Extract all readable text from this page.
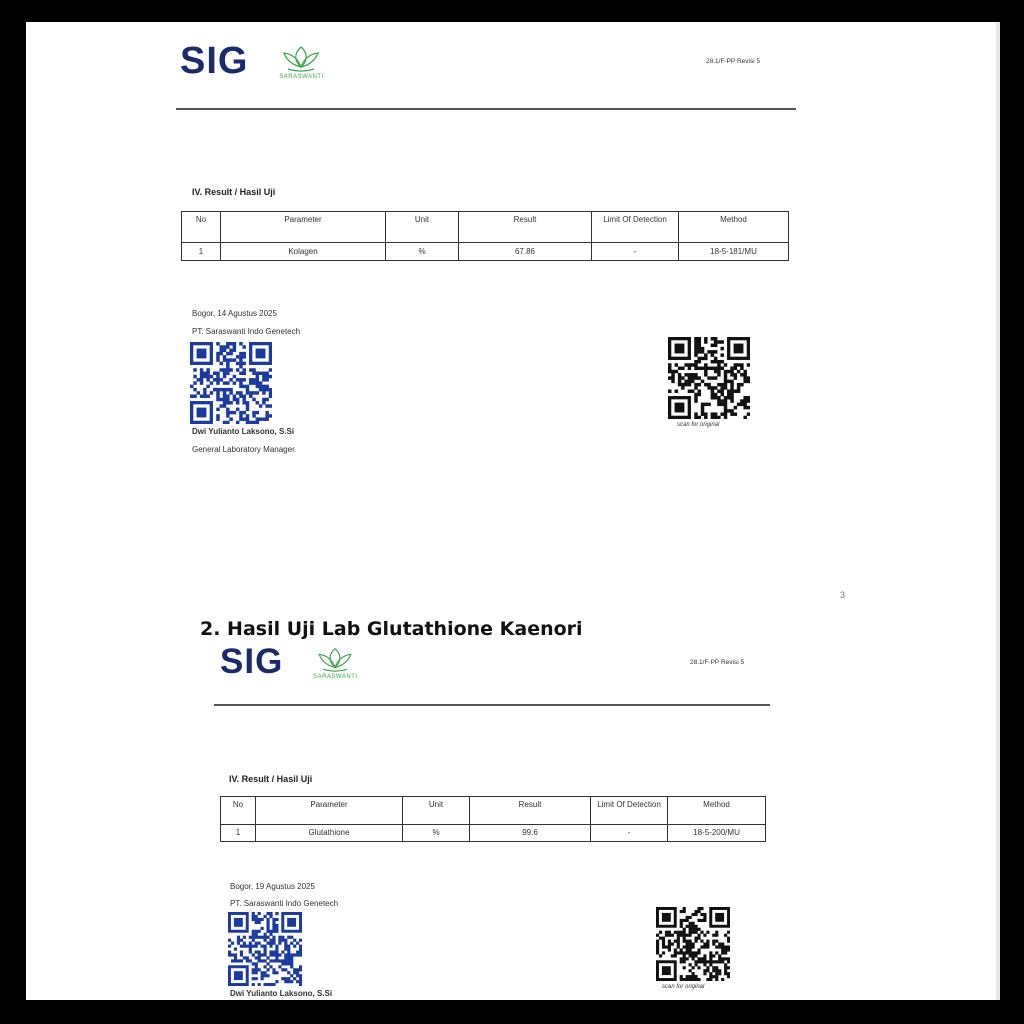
SIG	SARASWANTI
28.1/F-PP Revisi 5
IV. Result / Hasil Uji
No	Parameter	Unit	Result	Limit Of Detection	Method
1	Kolagen	%	67.86	-	18-5-181/MU
Bogor, 14 Agustus 2025
PT. Saraswanti Indo Genetech
Dwi Yulianto Laksono, S.Si
General Laboratory Manager
scan for original
3
2. Hasil Uji Lab Glutathione Kaenori
SIG	SARASWANTI
28.1/F-PP Revisi 5
IV. Result / Hasil Uji
No	Parameter	Unit	Result	Limit Of Detection	Method
1	Glutathione	%	99.6	-	18-5-200/MU
Bogor, 19 Agustus 2025
PT. Saraswanti Indo Genetech
Dwi Yulianto Laksono, S.Si
scan for original
